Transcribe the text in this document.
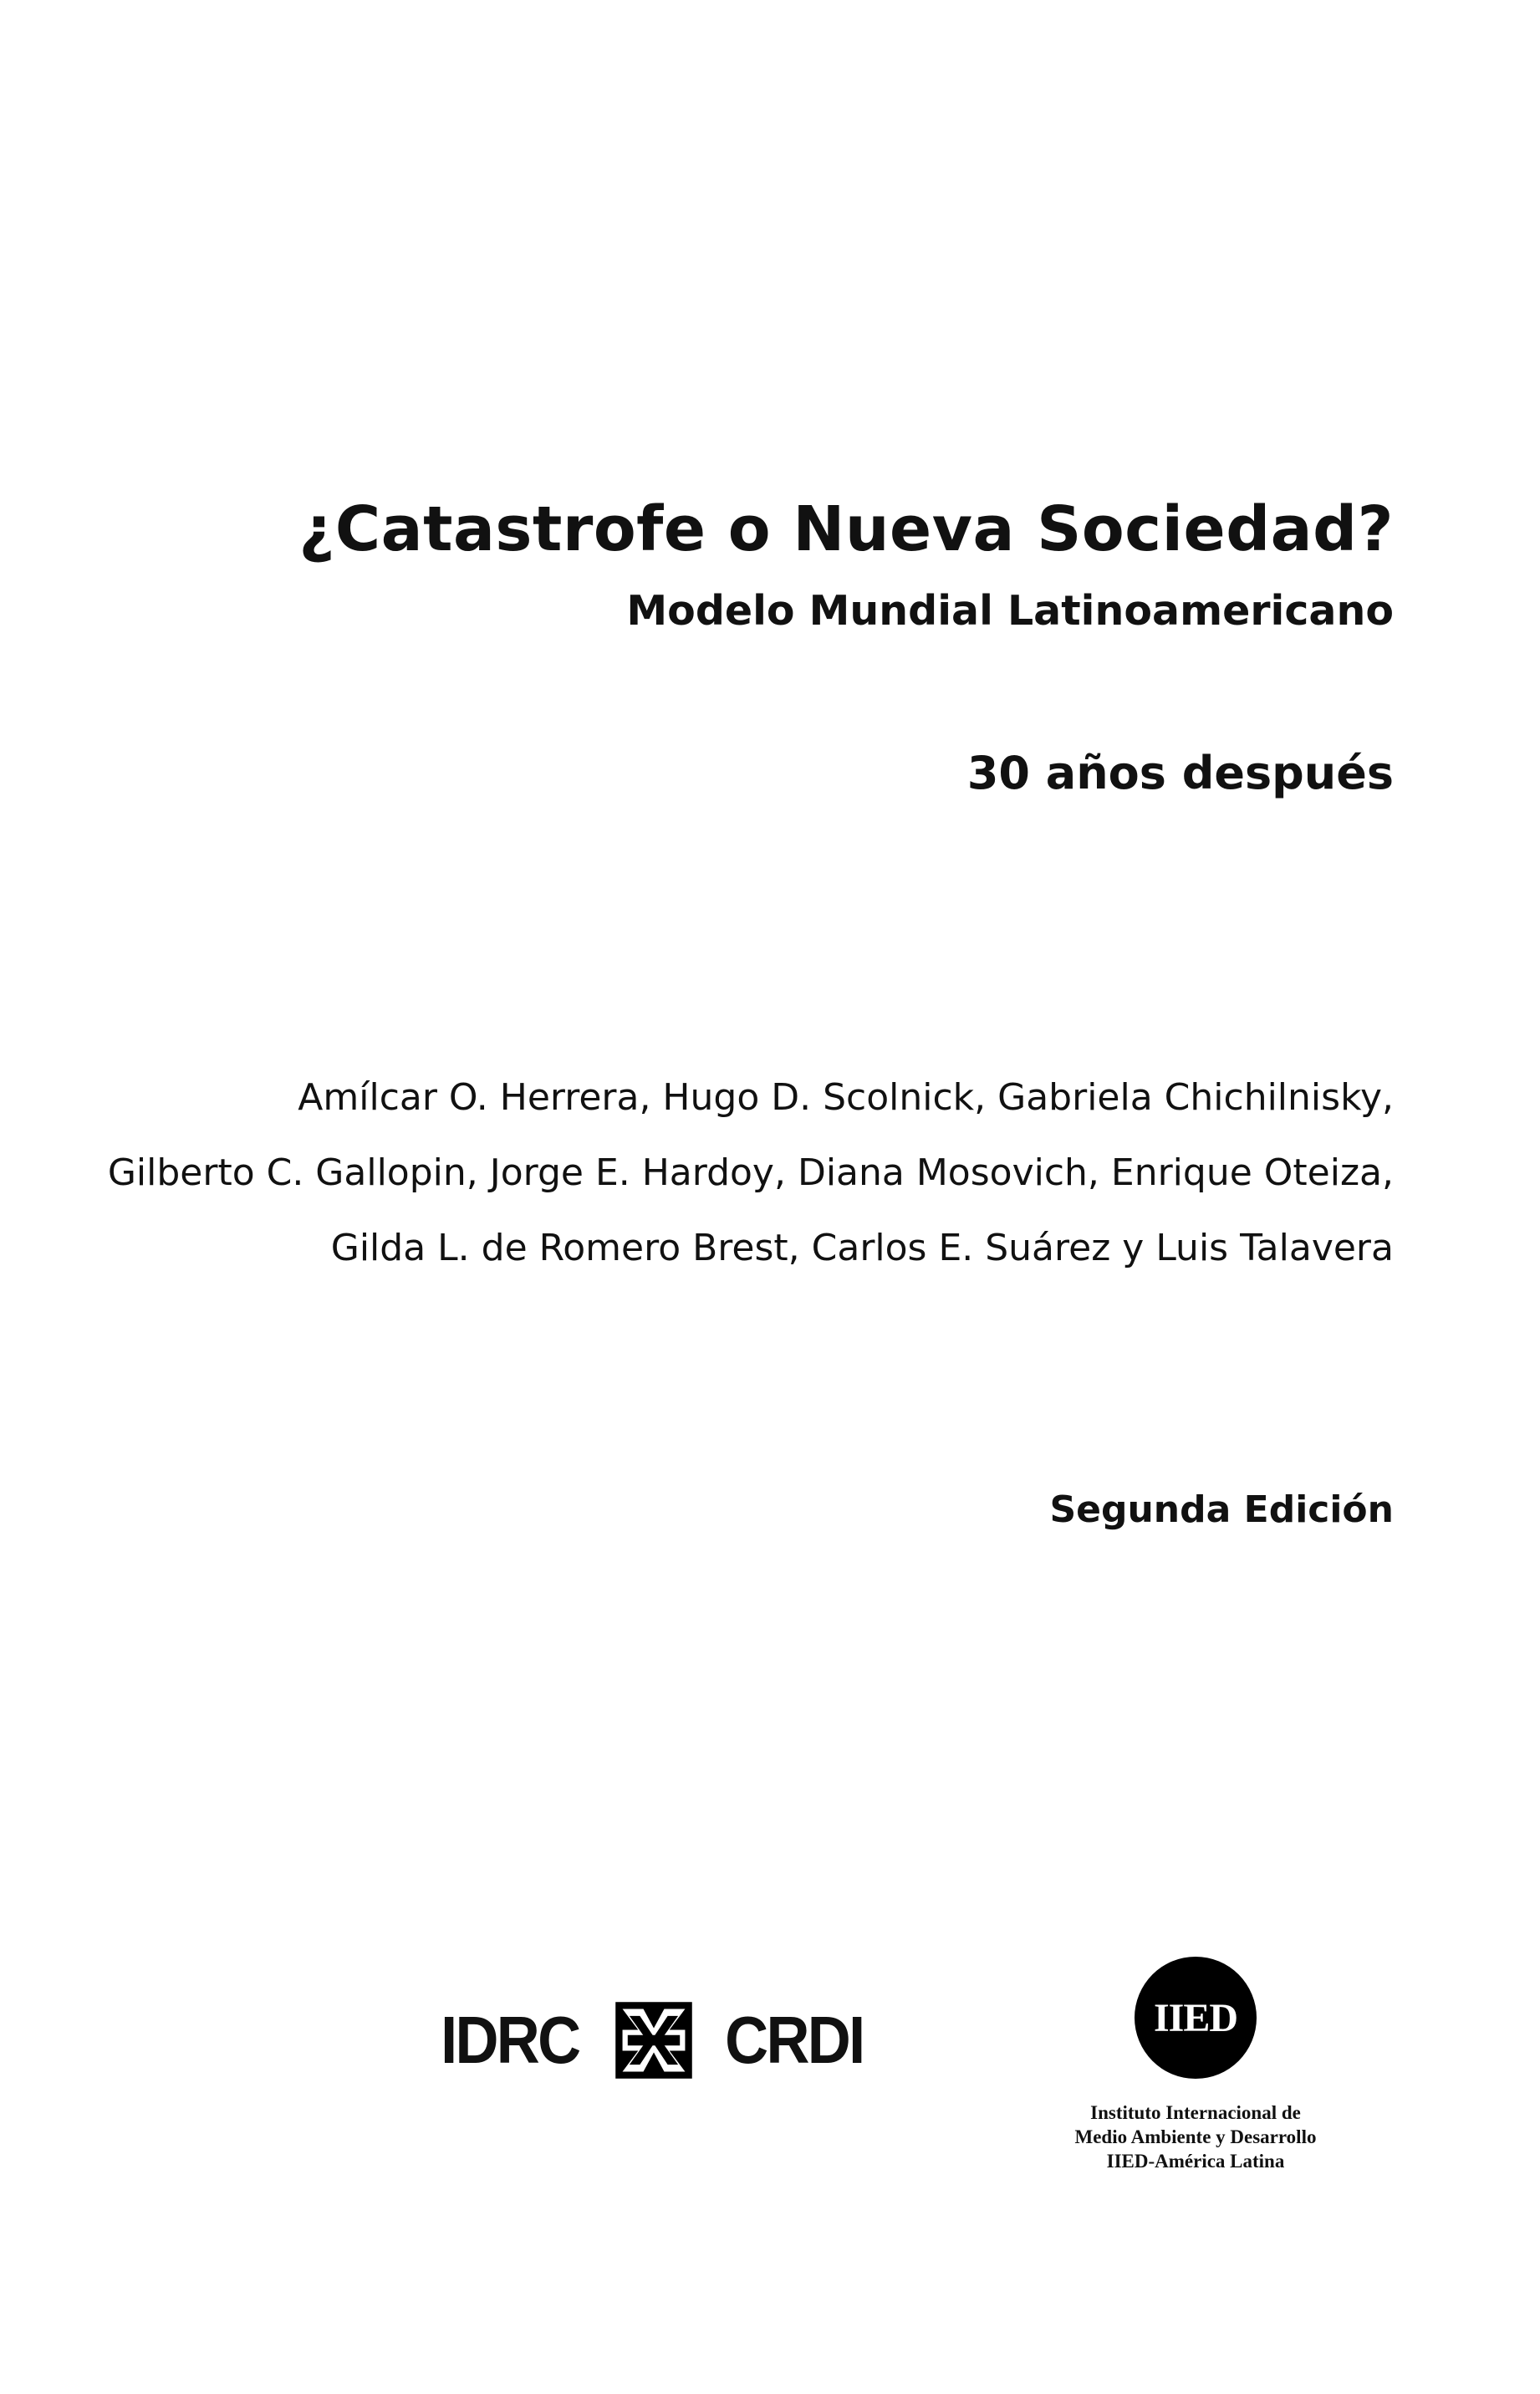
¿Catastrofe o Nueva Sociedad?
Modelo Mundial Latinoamericano
30 años después
Amílcar O. Herrera, Hugo D. Scolnick, Gabriela Chichilnisky,
Gilberto C. Gallopin, Jorge E. Hardoy, Diana Mosovich, Enrique Oteiza,
Gilda L. de Romero Brest, Carlos E. Suárez y Luis Talavera
Segunda Edición
IDRC CRDI	IIED
Instituto Internacional de
Medio Ambiente y Desarrollo
IIED-América Latina
